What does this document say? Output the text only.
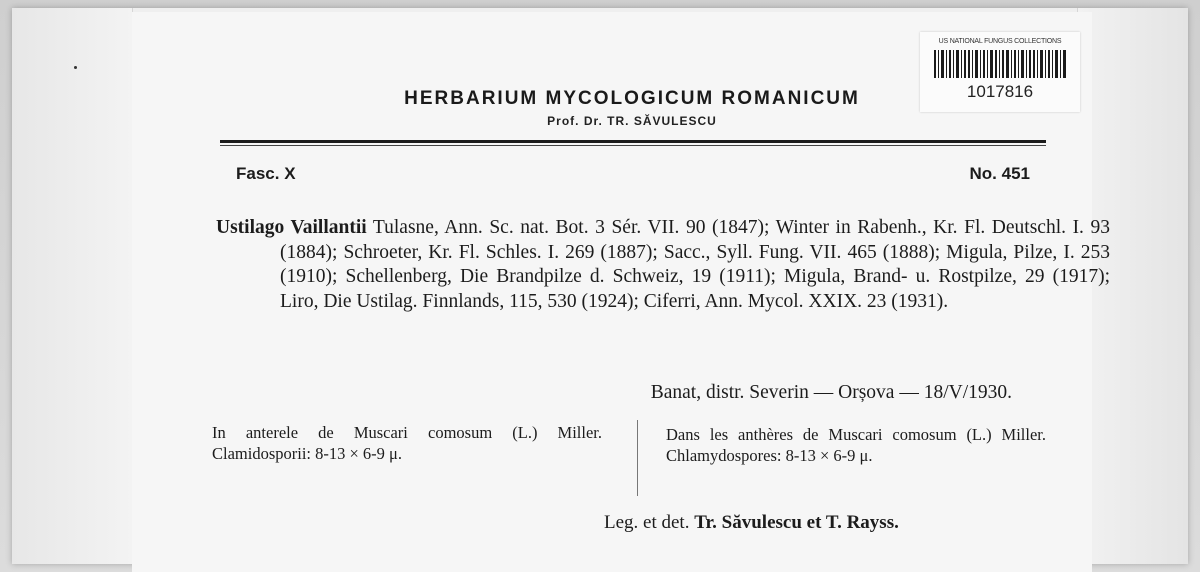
HERBARIUM MYCOLOGICUM ROMANICUM
Prof. Dr. TR. SĂVULESCU
Fasc. X	No. 451
Ustilago Vaillantii Tulasne, Ann. Sc. nat. Bot. 3 Sér. VII. 90 (1847); Winter in Rabenh., Kr. Fl. Deutschl. I. 93 (1884); Schroeter, Kr. Fl. Schles. I. 269 (1887); Sacc., Syll. Fung. VII. 465 (1888); Migula, Pilze, I. 253 (1910); Schellenberg, Die Brandpilze d. Schweiz, 19 (1911); Migula, Brand- u. Rostpilze, 29 (1917); Liro, Die Ustilag. Finnlands, 115, 530 (1924); Ciferri, Ann. Mycol. XXIX. 23 (1931).
Banat, distr. Severin — Orșova — 18/V/1930.
In anterele de Muscari comosum (L.) Miller. Clamidosporii: 8-13 × 6-9 μ.
Dans les anthères de Muscari comosum (L.) Miller. Chlamydospores: 8-13 × 6-9 μ.
Leg. et det. Tr. Săvulescu et T. Rayss.
US NATIONAL FUNGUS COLLECTIONS
1017816
